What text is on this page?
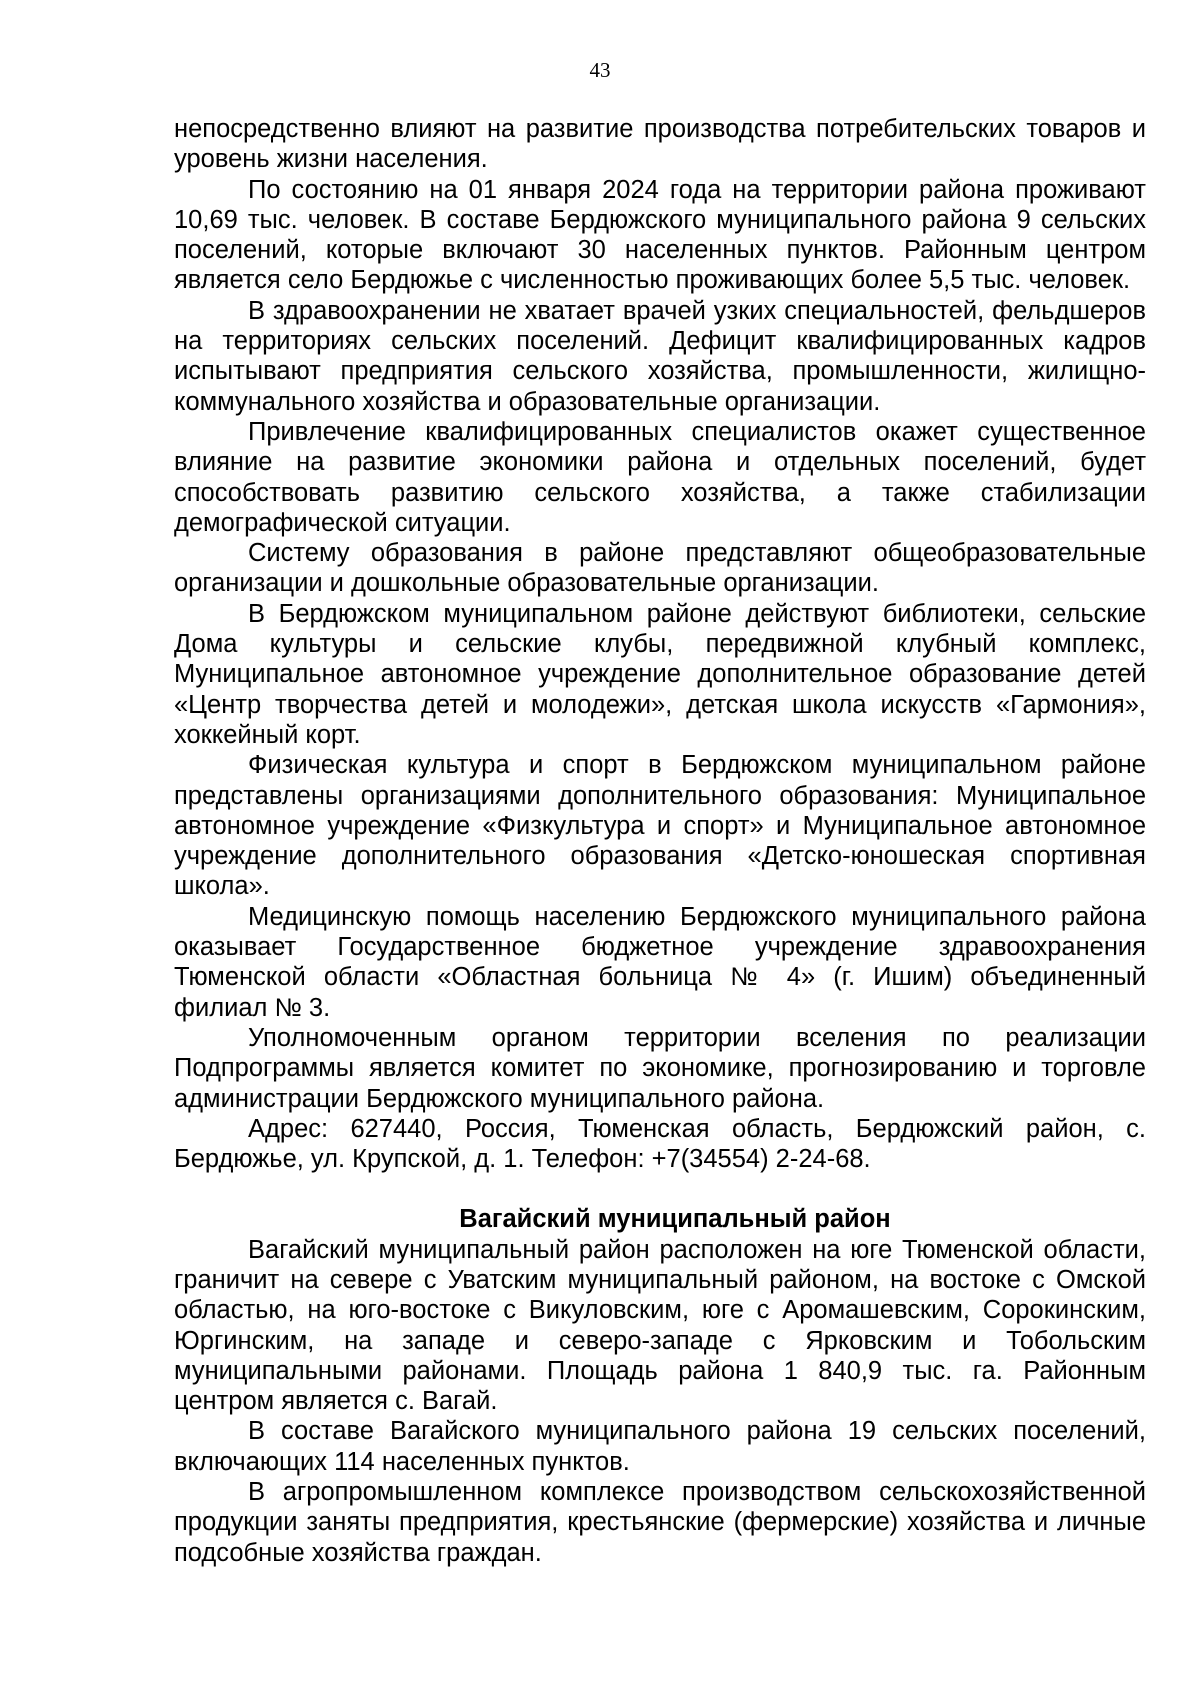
43

непосредственно влияют на развитие производства потребительских товаров и уровень жизни населения.

По состоянию на 01 января 2024 года на территории района проживают 10,69 тыс. человек. В составе Бердюжского муниципального района 9 сельских поселений, которые включают 30 населенных пунктов. Районным центром является село Бердюжье с численностью проживающих более 5,5 тыс. человек.

В здравоохранении не хватает врачей узких специальностей, фельдшеров на территориях сельских поселений. Дефицит квалифицированных кадров испытывают предприятия сельского хозяйства, промышленности, жилищно-коммунального хозяйства и образовательные организации.

Привлечение квалифицированных специалистов окажет существенное влияние на развитие экономики района и отдельных поселений, будет способствовать развитию сельского хозяйства, а также стабилизации демографической ситуации.

Систему образования в районе представляют общеобразовательные организации и дошкольные образовательные организации.

В Бердюжском муниципальном районе действуют библиотеки, сельские Дома культуры и сельские клубы, передвижной клубный комплекс, Муниципальное автономное учреждение дополнительное образование детей «Центр творчества детей и молодежи», детская школа искусств «Гармония», хоккейный корт.

Физическая культура и спорт в Бердюжском муниципальном районе представлены организациями дополнительного образования: Муниципальное автономное учреждение «Физкультура и спорт» и Муниципальное автономное учреждение дополнительного образования «Детско-юношеская спортивная школа».

Медицинскую помощь населению Бердюжского муниципального района оказывает Государственное бюджетное учреждение здравоохранения Тюменской области «Областная больница № 4» (г. Ишим) объединенный филиал № 3.

Уполномоченным органом территории вселения по реализации Подпрограммы является комитет по экономике, прогнозированию и торговле администрации Бердюжского муниципального района.

Адрес: 627440, Россия, Тюменская область, Бердюжский район, с. Бердюжье, ул. Крупской, д. 1. Телефон: +7(34554) 2-24-68.

Вагайский муниципальный район

Вагайский муниципальный район расположен на юге Тюменской области, граничит на севере с Уватским муниципальный районом, на востоке с Омской областью, на юго-востоке с Викуловским, юге с Аромашевским, Сорокинским, Юргинским, на западе и северо-западе с Ярковским и Тобольским муниципальными районами. Площадь района 1 840,9 тыс. га. Районным центром является с. Вагай.

В составе Вагайского муниципального района 19 сельских поселений, включающих 114 населенных пунктов.

В агропромышленном комплексе производством сельскохозяйственной продукции заняты предприятия, крестьянские (фермерские) хозяйства и личные подсобные хозяйства граждан.
